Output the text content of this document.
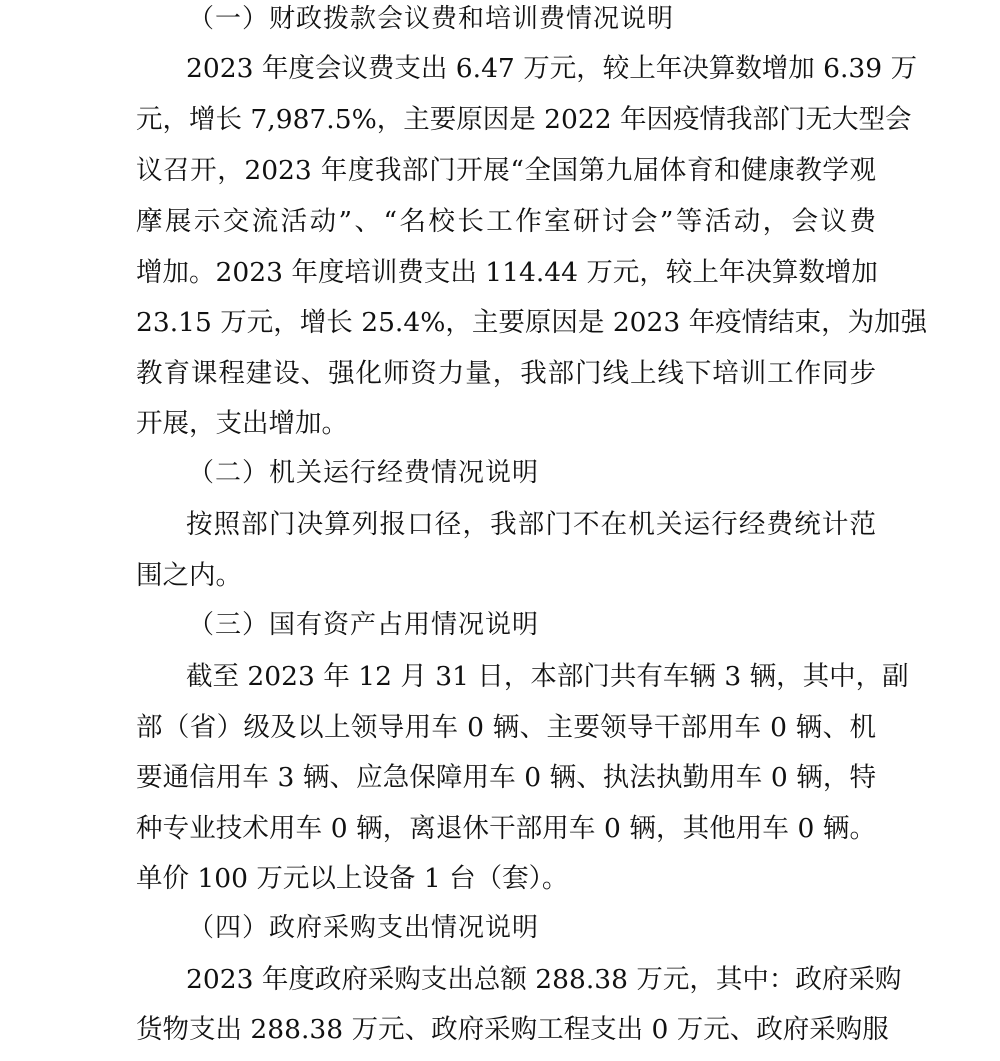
（一）财政拨款会议费和培训费情况说明
2023 年度会议费支出 6.47 万元，较上年决算数增加 6.39 万
元，增长 7,987.5%，主要原因是 2022 年因疫情我部门无大型会
议召开，2023 年度我部门开展“全国第九届体育和健康教学观
摩展示交流活动”、“名校长工作室研讨会”等活动，会议费
增加。2023 年度培训费支出 114.44 万元，较上年决算数增加
23.15 万元，增长 25.4%，主要原因是 2023 年疫情结束，为加强
教育课程建设、强化师资力量，我部门线上线下培训工作同步
开展，支出增加。
（二）机关运行经费情况说明
按照部门决算列报口径，我部门不在机关运行经费统计范
围之内。
（三）国有资产占用情况说明
截至 2023 年 12 月 31 日，本部门共有车辆 3 辆，其中，副
部（省）级及以上领导用车 0 辆、主要领导干部用车 0 辆、机
要通信用车 3 辆、应急保障用车 0 辆、执法执勤用车 0 辆，特
种专业技术用车 0 辆，离退休干部用车 0 辆，其他用车 0 辆。
单价 100 万元以上设备 1 台（套）。
（四）政府采购支出情况说明
2023 年度政府采购支出总额 288.38 万元，其中：政府采购
货物支出 288.38 万元、政府采购工程支出 0 万元、政府采购服
